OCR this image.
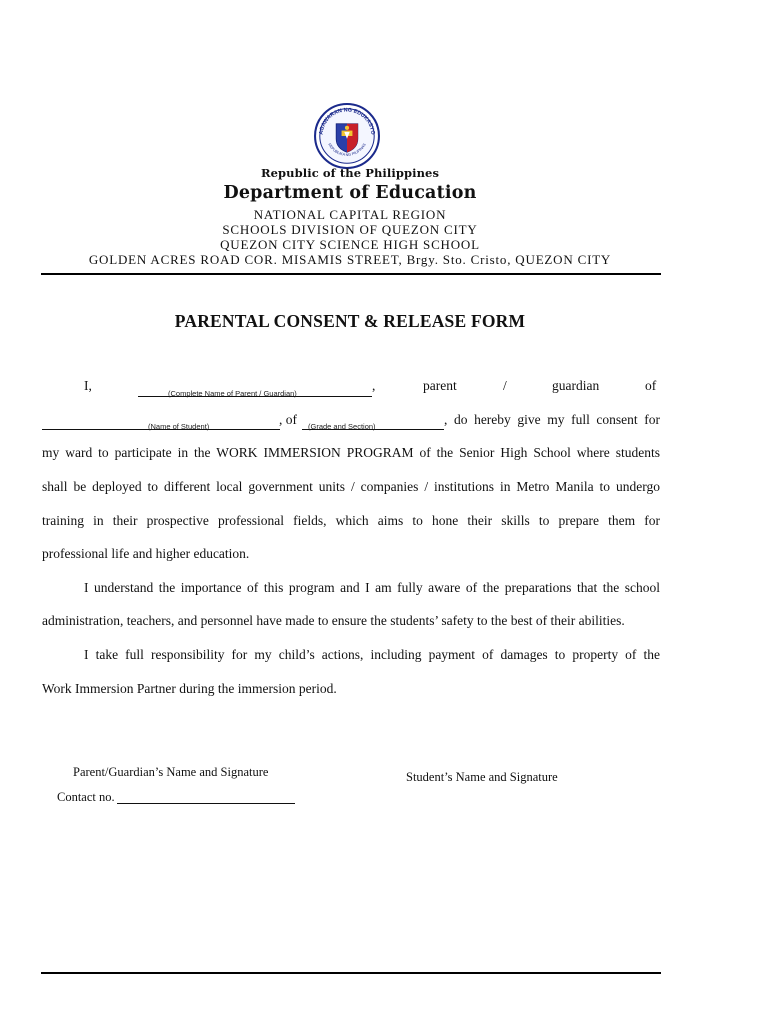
AGAWARAN NG EDUKASYO
REPUBLIKA NG PILIPINAS
Republic of the Philippines
Department of Education
NATIONAL CAPITAL REGION
SCHOOLS DIVISION OF QUEZON CITY
QUEZON CITY SCIENCE HIGH SCHOOL
GOLDEN ACRES ROAD COR. MISAMIS STREET, Brgy. Sto. Cristo, QUEZON CITY
PARENTAL CONSENT & RELEASE FORM
I,
(Complete Name of Parent / Guardian)
,	parent	/	guardian	of
(Name of Student)	, of (Grade and Section)	, do hereby give my full consent for
my ward to participate in the WORK IMMERSION PROGRAM of the Senior High School where students
shall be deployed to different local government units / companies / institutions in Metro Manila to undergo
training in their prospective professional fields, which aims to hone their skills to prepare them for
professional life and higher education.
I understand the importance of this program and I am fully aware of the preparations that the school
administration, teachers, and personnel have made to ensure the students’ safety to the best of their abilities.
I take full responsibility for my child’s actions, including payment of damages to property of the
Work Immersion Partner during the immersion period.
Parent/Guardian’s Name and Signature	Student’s Name and Signature
Contact no.
